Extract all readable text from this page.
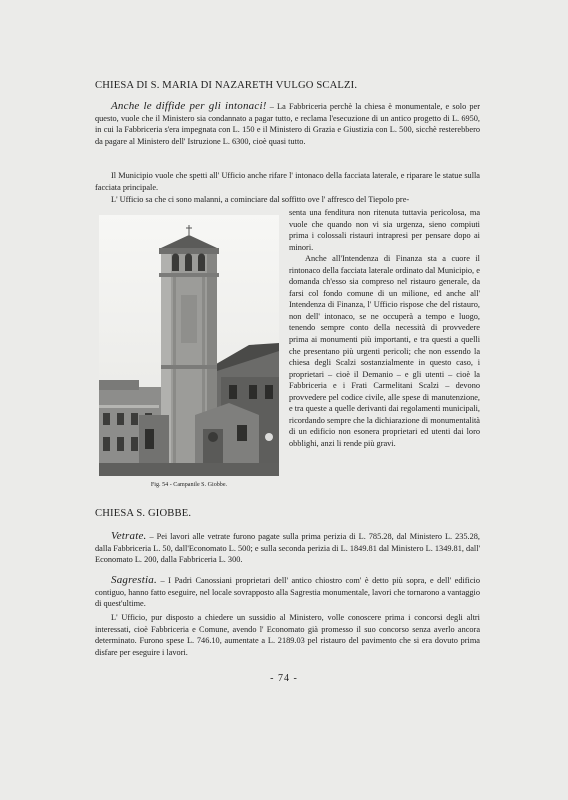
CHIESA DI S. MARIA DI NAZARETH VULGO SCALZI.

Anche le diffide per gli intonaci! – La Fabbriceria perchè la chiesa è monumentale, e solo per questo, vuole che il Ministero sia condannato a pagar tutto, e reclama l'esecuzione di un antico progetto di L. 6950, in cui la Fabbriceria s'era impegnata con L. 150 e il Ministero di Grazia e Giustizia con L. 500, sicchè resterebbero da pagare al Ministero dell' Istruzione L. 6300, cioè quasi tutto.

Il Municipio vuole che spetti all' Ufficio anche rifare l' intonaco della facciata laterale, e riparare le statue sulla facciata principale.

L' Ufficio sa che ci sono malanni, a cominciare dal soffitto ove l' affresco del Tiepolo pre-

Fig. 54 - Campanile S. Giobbe.

senta una fenditura non ritenuta tuttavia pericolosa, ma vuole che quando non vi sia urgenza, sieno compiuti prima i colossali ristauri intrapresi per pensare dopo ai minori.

Anche all'Intendenza di Finanza sta a cuore il rintonaco della facciata laterale ordinato dal Municipio, e domanda ch'esso sia compreso nel ristauro generale, da farsi col fondo comune di un milione, ed anche all' Intendenza di Finanza, l' Ufficio rispose che del ristauro, non dell' intonaco, se ne occuperà a tempo e luogo, tenendo sempre conto della necessità di provvedere prima ai monumenti più importanti, e tra questi a quelli che presentano più urgenti pericoli; che non essendo la chiesa degli Scalzi sostanzialmente in questo caso, i proprietari – cioè il Demanio – e gli utenti – cioè la Fabbriceria e i Frati Carmelitani Scalzi – devono provvedere pel codice civile, alle spese di manutenzione, e tra queste a quelle derivanti dai regolamenti municipali, ricordando sempre che la dichiarazione di monumentalità di un edificio non esonera proprietari ed utenti dai loro obblighi, anzi li rende più gravi.

CHIESA S. GIOBBE.

Vetrate. – Pei lavori alle vetrate furono pagate sulla prima perizia di L. 785.28, dal Ministero L. 235.28, dalla Fabbriceria L. 50, dall'Economato L. 500; e sulla seconda perizia di L. 1849.81 dal Ministero L. 1349.81, dall' Economato L. 200, dalla Fabbriceria L. 300.

Sagrestia. – I Padri Canossiani proprietari dell' antico chiostro com' è detto più sopra, e dell' edificio contiguo, hanno fatto eseguire, nel locale sovrapposto alla Sagrestia monumentale, lavori che tornarono a vantaggio di quest'ultime.

L' Ufficio, pur disposto a chiedere un sussidio al Ministero, volle conoscere prima i concorsi degli altri interessati, cioè Fabbriceria e Comune, avendo l' Economato già promesso il suo concorso senza averlo ancora determinato. Furono spese L. 746.10, aumentate a L. 2189.03 pel ristauro del pavimento che si era dovuto prima disfare per eseguire i lavori.

- 74 -
